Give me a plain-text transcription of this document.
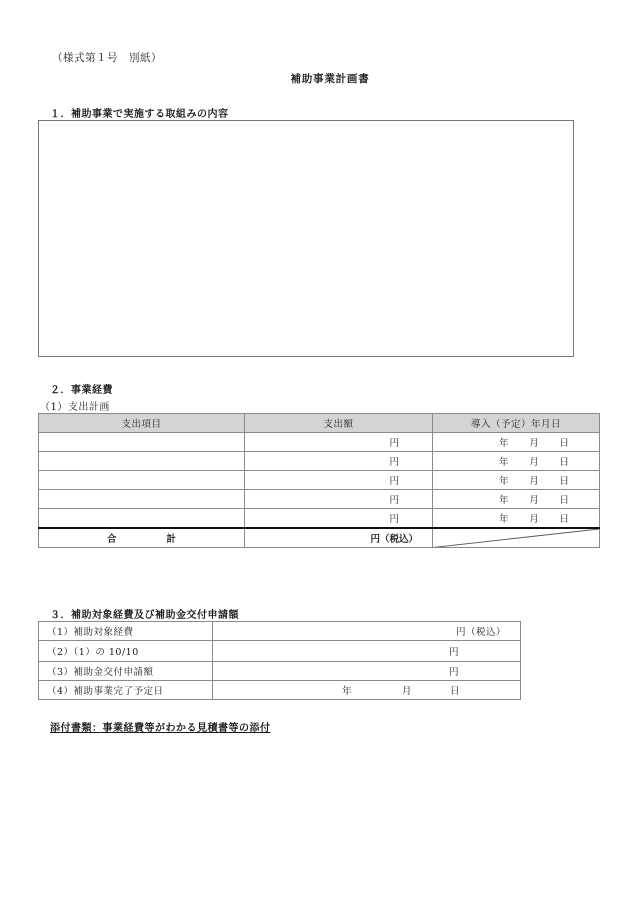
（様式第１号　別紙）
補助事業計画書
１．補助事業で実施する取組みの内容
２．事業経費
（1）支出計画
支出項目	支出額	導入（予定）年月日
	円	年 月 日

	円	年 月 日

	円	年 月 日

	円	年 月 日

	円	年 月 日

合計	円（税込）	
３．補助対象経費及び補助金交付申請額
（1）補助対象経費	円（税込）
（2）（1）の 10/10	円
（3）補助金交付申請額	円
（4）補助事業完了予定日	年 月 日
添付書類：事業経費等がわかる見積書等の添付
